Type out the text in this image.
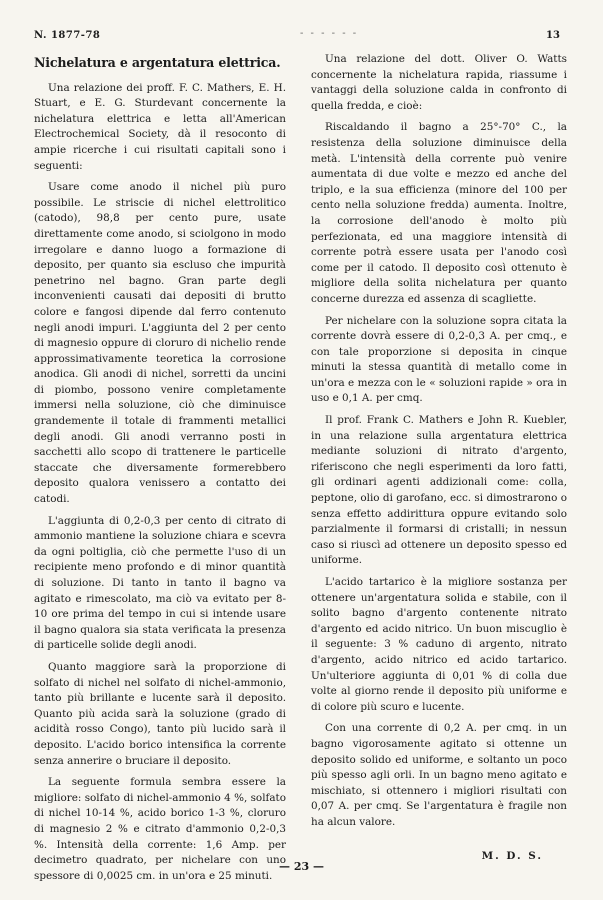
N. 1877-78	- - - - - -	13
Nichelatura e argentatura elettrica.

Una relazione dei proff. F. C. Mathers, E. H. Stuart, e E. G. Sturdevant concernente la nichelatura elettrica e letta all'American Electrochemical Society, dà il resoconto di ampie ricerche i cui risultati capitali sono i seguenti:

Usare come anodo il nichel più puro possibile. Le striscie di nichel elettrolitico (catodo), 98,8 per cento pure, usate direttamente come anodo, si sciolgono in modo irregolare e danno luogo a formazione di deposito, per quanto sia escluso che impurità penetrino nel bagno. Gran parte degli inconvenienti causati dai depositi di brutto colore e fangosi dipende dal ferro contenuto negli anodi impuri. L'aggiunta del 2 per cento di magnesio oppure di cloruro di nichelio rende approssimativamente teoretica la corrosione anodica. Gli anodi di nichel, sorretti da uncini di piombo, possono venire completamente immersi nella soluzione, ciò che diminuisce grandemente il totale di frammenti metallici degli anodi. Gli anodi verranno posti in sacchetti allo scopo di trattenere le particelle staccate che diversamente formerebbero deposito qualora venissero a contatto dei catodi.

L'aggiunta di 0,2-0,3 per cento di citrato di ammonio mantiene la soluzione chiara e scevra da ogni poltiglia, ciò che permette l'uso di un recipiente meno profondo e di minor quantità di soluzione. Di tanto in tanto il bagno va agitato e rimescolato, ma ciò va evitato per 8-10 ore prima del tempo in cui si intende usare il bagno qualora sia stata verificata la presenza di particelle solide degli anodi.

Quanto maggiore sarà la proporzione di solfato di nichel nel solfato di nichel-ammonio, tanto più brillante e lucente sarà il deposito. Quanto più acida sarà la soluzione (grado di acidità rosso Congo), tanto più lucido sarà il deposito. L'acido borico intensifica la corrente senza annerire o bruciare il deposito.

La seguente formula sembra essere la migliore: solfato di nichel-ammonio 4 %, solfato di nichel 10-14 %, acido borico 1-3 %, cloruro di magnesio 2 % e citrato d'ammonio 0,2-0,3 %. Intensità della corrente: 1,6 Amp. per decimetro quadrato, per nichelare con uno spessore di 0,0025 cm. in un'ora e 25 minuti.

Una relazione del dott. Oliver O. Watts concernente la nichelatura rapida, riassume i vantaggi della soluzione calda in confronto di quella fredda, e cioè:

Riscaldando il bagno a 25°-70° C., la resistenza della soluzione diminuisce della metà. L'intensità della corrente può venire aumentata di due volte e mezzo ed anche del triplo, e la sua efficienza (minore del 100 per cento nella soluzione fredda) aumenta. Inoltre, la corrosione dell'anodo è molto più perfezionata, ed una maggiore intensità di corrente potrà essere usata per l'anodo così come per il catodo. Il deposito così ottenuto è migliore della solita nichelatura per quanto concerne durezza ed assenza di scagliette.

Per nichelare con la soluzione sopra citata la corrente dovrà essere di 0,2-0,3 A. per cmq., e con tale proporzione si deposita in cinque minuti la stessa quantità di metallo come in un'ora e mezza con le « soluzioni rapide » ora in uso e 0,1 A. per cmq.

Il prof. Frank C. Mathers e John R. Kuebler, in una relazione sulla argentatura elettrica mediante soluzioni di nitrato d'argento, riferiscono che negli esperimenti da loro fatti, gli ordinari agenti addizionali come: colla, peptone, olio di garofano, ecc. si dimostrarono o senza effetto addirittura oppure evitando solo parzialmente il formarsi di cristalli; in nessun caso si riuscì ad ottenere un deposito spesso ed uniforme.

L'acido tartarico è la migliore sostanza per ottenere un'argentatura solida e stabile, con il solito bagno d'argento contenente nitrato d'argento ed acido nitrico. Un buon miscuglio è il seguente: 3 % caduno di argento, nitrato d'argento, acido nitrico ed acido tartarico. Un'ulteriore aggiunta di 0,01 % di colla due volte al giorno rende il deposito più uniforme e di colore più scuro e lucente.

Con una corrente di 0,2 A. per cmq. in un bagno vigorosamente agitato si ottenne un deposito solido ed uniforme, e soltanto un poco più spesso agli orli. In un bagno meno agitato e mischiato, si ottennero i migliori risultati con 0,07 A. per cmq. Se l'argentatura è fragile non ha alcun valore.

M. D. S.
— 23 —
